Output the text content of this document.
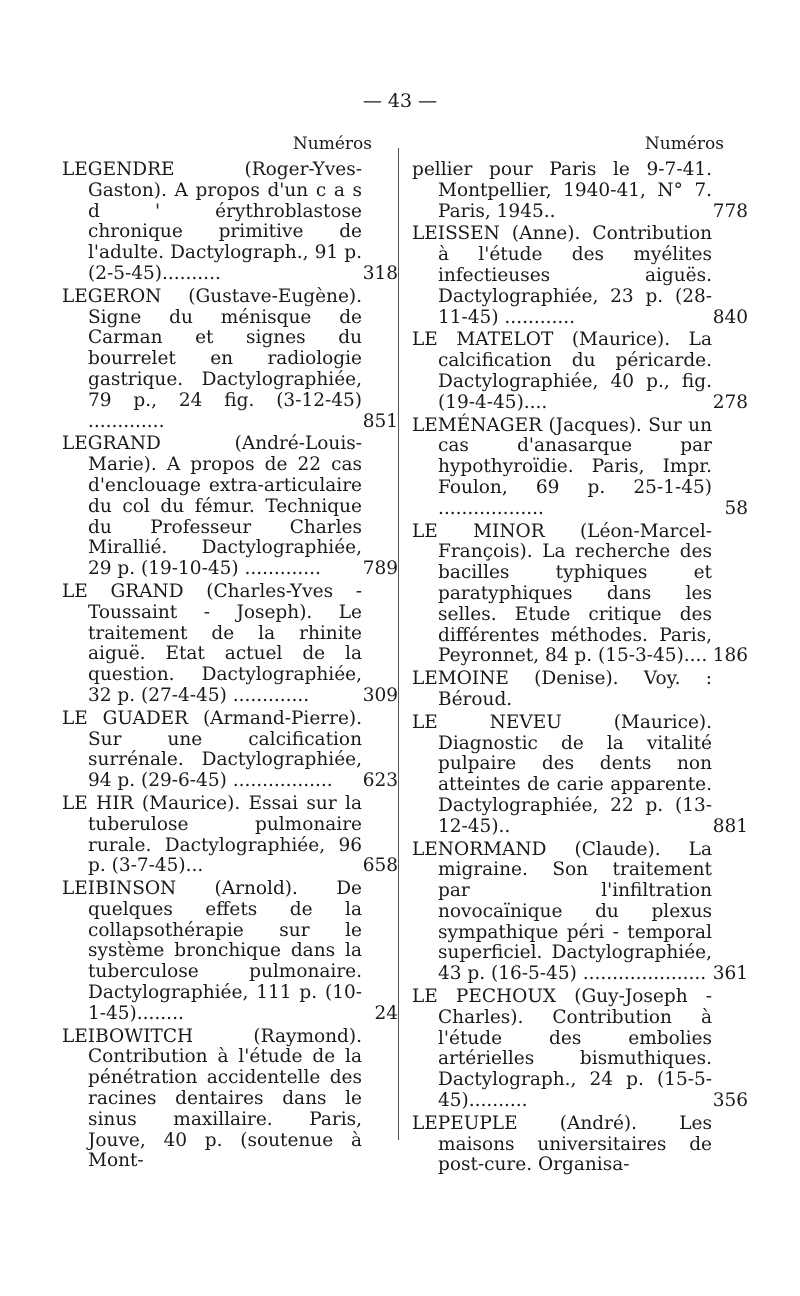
— 43 —
Numéros

LEGENDRE (Roger-Yves-Gaston). A propos d'un c a s d ' érythroblastose chronique primitive de l'adulte. Dactylograph., 91 p. (2-5-45)..........	318

LEGERON (Gustave-Eugène). Signe du ménisque de Carman et signes du bourrelet en radiologie gastrique. Dactylographiée, 79 p., 24 fig. (3-12-45) .............	851

LEGRAND (André-Louis-Marie). A propos de 22 cas d'enclouage extra-articulaire du col du fémur. Technique du Professeur Charles Mirallié. Dactylographiée, 29 p. (19-10-45) .............	789

LE GRAND (Charles-Yves - Toussaint - Joseph). Le traitement de la rhinite aiguë. Etat actuel de la question. Dactylographiée, 32 p. (27-4-45) .............	309

LE GUADER (Armand-Pierre). Sur une calcification surrénale. Dactylographiée, 94 p. (29-6-45) .................	623

LE HIR (Maurice). Essai sur la tuberulose pulmonaire rurale. Dactylographiée, 96 p. (3-7-45)...	658

LEIBINSON (Arnold). De quelques effets de la collapsothérapie sur le système bronchique dans la tuberculose pulmonaire. Dactylographiée, 111 p. (10-1-45)........	24

LEIBOWITCH (Raymond). Contribution à l'étude de la pénétration accidentelle des racines dentaires dans le sinus maxillaire. Paris, Jouve, 40 p. (soutenue à Mont-

Numéros

pellier pour Paris le 9-7-41. Montpellier, 1940-41, N° 7. Paris, 1945..	778

LEISSEN (Anne). Contribution à l'étude des myélites infectieuses aiguës. Dactylographiée, 23 p. (28-11-45) ............	840

LE MATELOT (Maurice). La calcification du péricarde. Dactylographiée, 40 p., fig. (19-4-45)....	278

LEMÉNAGER (Jacques). Sur un cas d'anasarque par hypothyroïdie. Paris, Impr. Foulon, 69 p. 25-1-45) ..................	58

LE MINOR (Léon-Marcel-François). La recherche des bacilles typhiques et paratyphiques dans les selles. Etude critique des différentes méthodes. Paris, Peyronnet, 84 p. (15-3-45).... 186

LEMOINE (Denise). Voy. : Béroud.

LE NEVEU (Maurice). Diagnostic de la vitalité pulpaire des dents non atteintes de carie apparente. Dactylographiée, 22 p. (13-12-45)..	881

LENORMAND (Claude). La migraine. Son traitement par l'infiltration novocaïnique du plexus sympathique péri - temporal superficiel. Dactylographiée, 43 p. (16-5-45) ..................... 361

LE PECHOUX (Guy-Joseph - Charles). Contribution à l'étude des embolies artérielles bismuthiques. Dactylograph., 24 p. (15-5-45)..........	356

LEPEUPLE (André). Les maisons universitaires de post-cure. Organisa-
